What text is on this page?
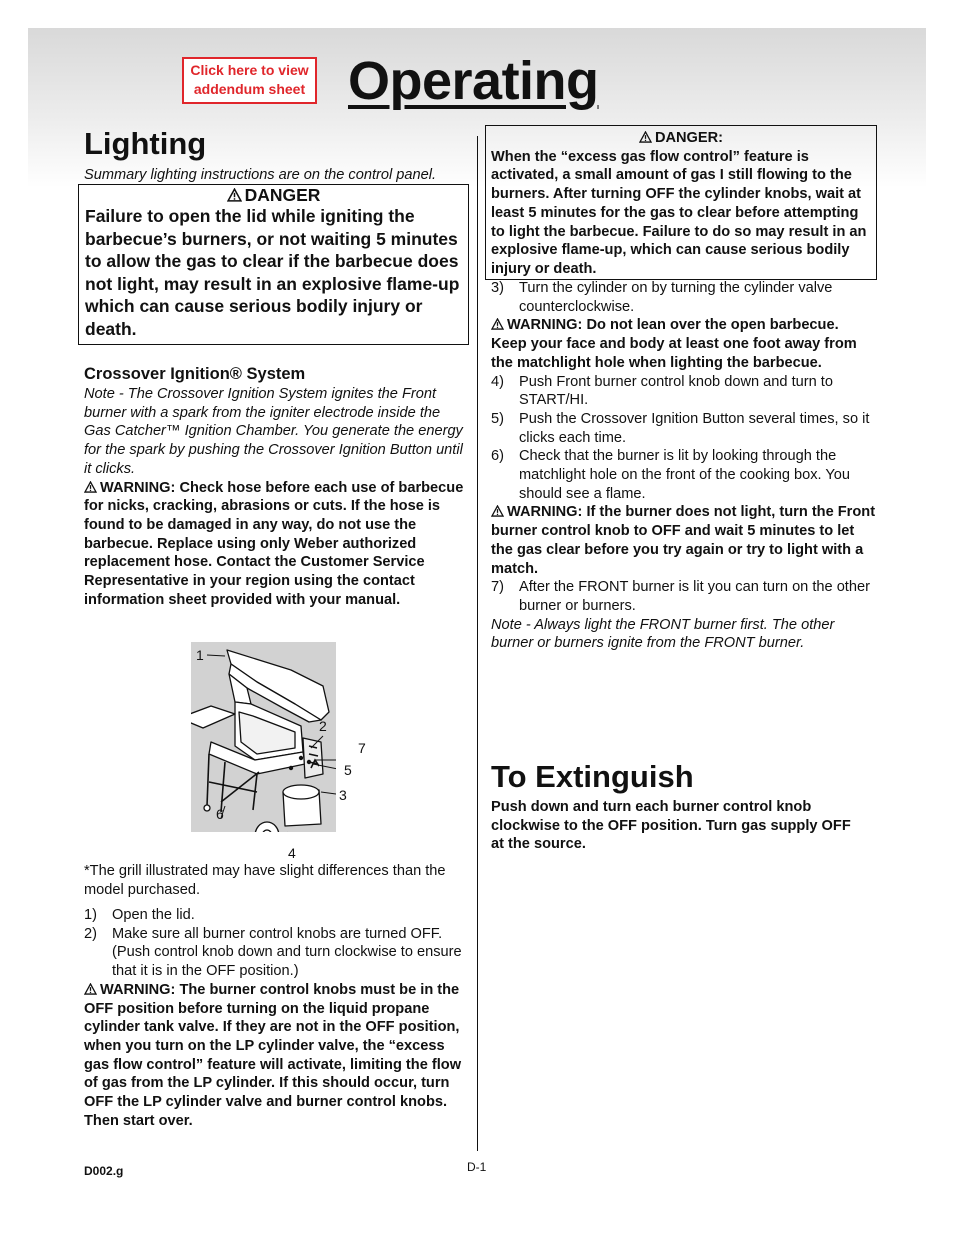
Click here to view addendum sheet Operating
Lighting
Summary lighting instructions are on the control panel.
DANGER
Failure to open the lid while igniting the barbecue’s burners, or not waiting 5 minutes to allow the gas to clear if the barbecue does not light, may result in an explosive flame-up which can cause serious bodily injury or death.
Crossover Ignition® System

Note - The Crossover Ignition System ignites the Front burner with a spark from the igniter electrode inside the Gas Catcher™ Ignition Chamber. You generate the energy for the spark by pushing the Crossover Ignition Button until it clicks.

WARNING: Check hose before each use of barbecue for nicks, cracking, abrasions or cuts. If the hose is found to be damaged in any way, do not use the barbecue. Replace using only Weber authorized replacement hose. Contact the Customer Service Representative in your region using the contact information sheet provided with your manual.

1
2
7
5
3
6
4
*The grill illustrated may have slight differences than the model purchased.
1) Open the lid.
2) Make sure all burner control knobs are turned OFF. (Push control knob down and turn clockwise to ensure that it is in the OFF position.)

WARNING: The burner control knobs must be in the OFF position before turning on the liquid propane cylinder tank valve. If they are not in the OFF position, when you turn on the LP cylinder valve, the “excess gas flow control” feature will activate, limiting the flow of gas from the LP cylinder. If this should occur, turn OFF the LP cylinder valve and burner control knobs. Then start over.

DANGER:
When the “excess gas flow control” feature is activated, a small amount of gas I still flowing to the burners. After turning OFF the cylinder knobs, wait at least 5 minutes for the gas to clear before attempting to light the barbecue. Failure to do so may result in an explosive flame-up, which can cause serious bodily injury or death.
3) Turn the cylinder on by turning the cylinder valve counterclockwise.

WARNING: Do not lean over the open barbecue. Keep your face and body at least one foot away from the matchlight hole when lighting the barbecue.

4) Push Front burner control knob down and turn to START/HI.
5) Push the Crossover Ignition Button several times, so it clicks each time.
6) Check that the burner is lit by looking through the matchlight hole on the front of the cooking box. You should see a flame.

WARNING: If the burner does not light, turn the Front burner control knob to OFF and wait 5 minutes to let the gas clear before you try again or try to light with a match.

7) After the FRONT burner is lit you can turn on the other burner or burners.

Note - Always light the FRONT burner first. The other burner or burners ignite from the FRONT burner.

To Extinguish
Push down and turn each burner control knob clockwise to the OFF position. Turn gas supply OFF at the source.
D002.g	D-1
